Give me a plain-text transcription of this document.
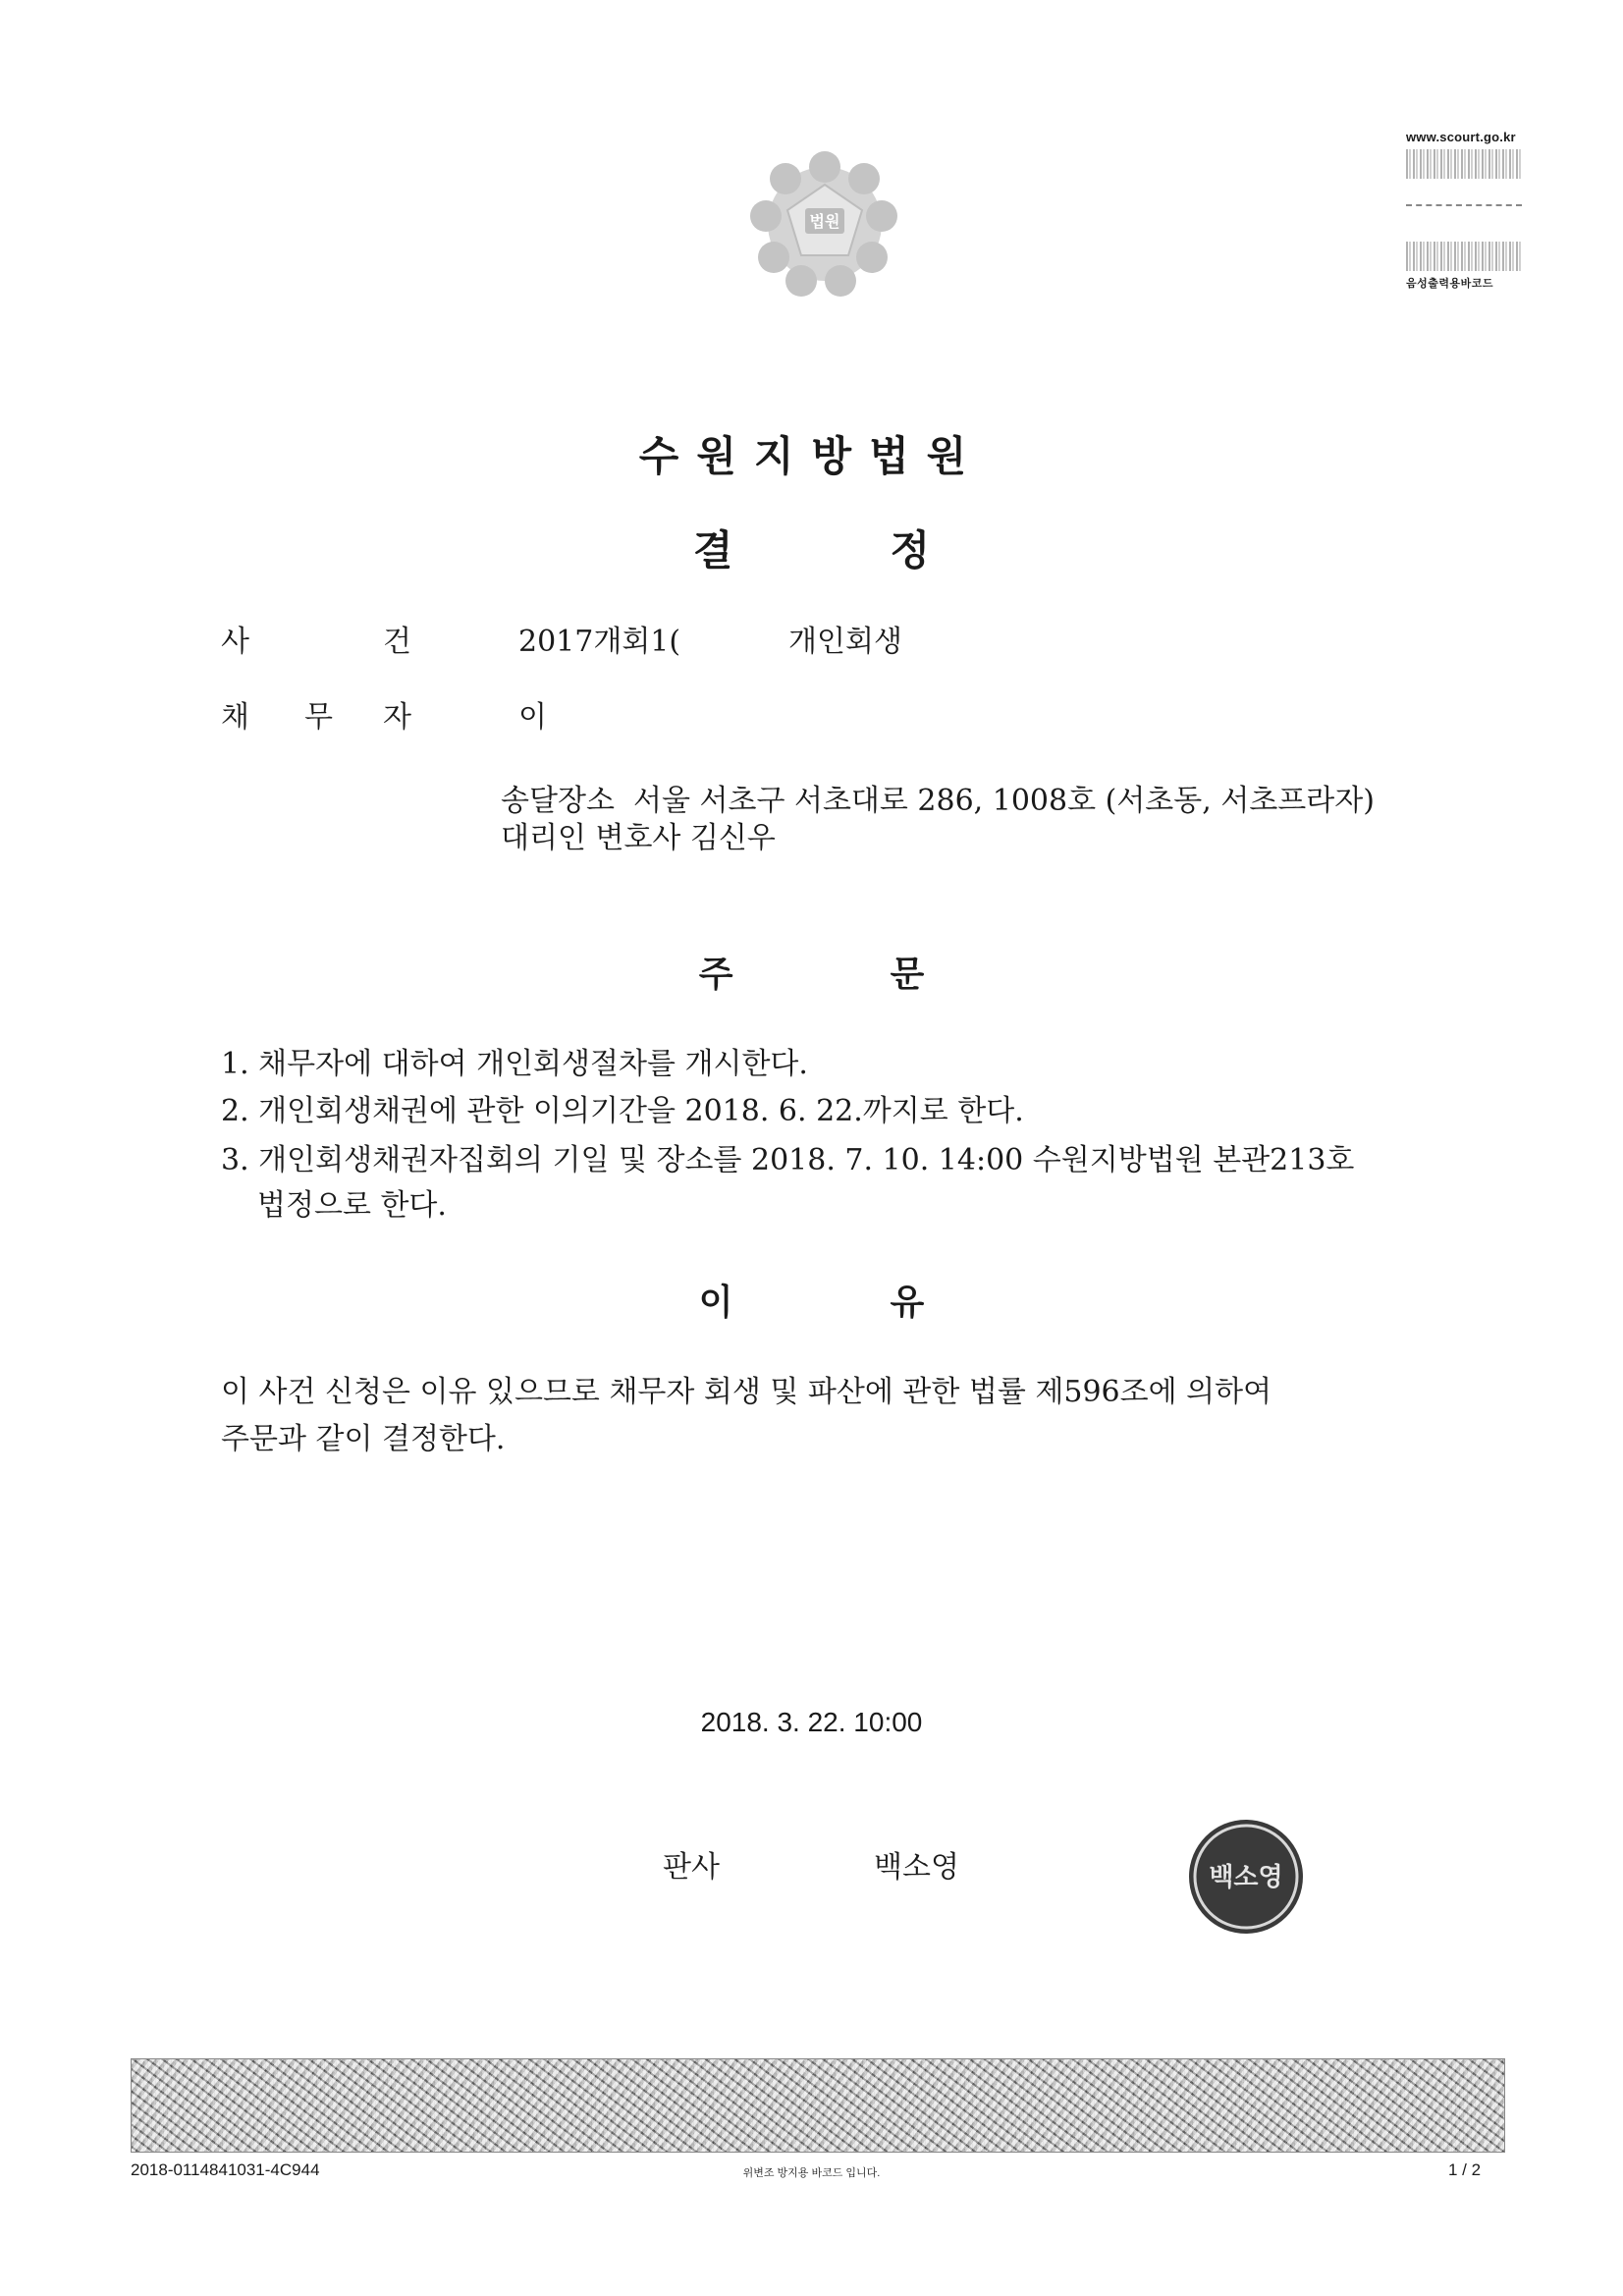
법원
www.scourt.go.kr
음성출력용바코드
수원지방법원
결	정
사	건	2017개회1(	개인회생
채 무 자	이
송달장소  서울 서초구 서초대로 286, 1008호 (서초동, 서초프라자)
대리인 변호사 김신우
주	문
1. 채무자에 대하여 개인회생절차를 개시한다.
2. 개인회생채권에 관한 이의기간을 2018. 6. 22.까지로 한다.
3. 개인회생채권자집회의 기일 및 장소를 2018. 7. 10. 14:00 수원지방법원 본관213호
법정으로 한다.
이	유
이 사건 신청은 이유 있으므로 채무자 회생 및 파산에 관한 법률 제596조에 의하여
주문과 같이 결정한다.
2018. 3. 22. 10:00
판사	백소영	백소영
2018-0114841031-4C944	위변조 방지용 바코드 입니다.	1 / 2
